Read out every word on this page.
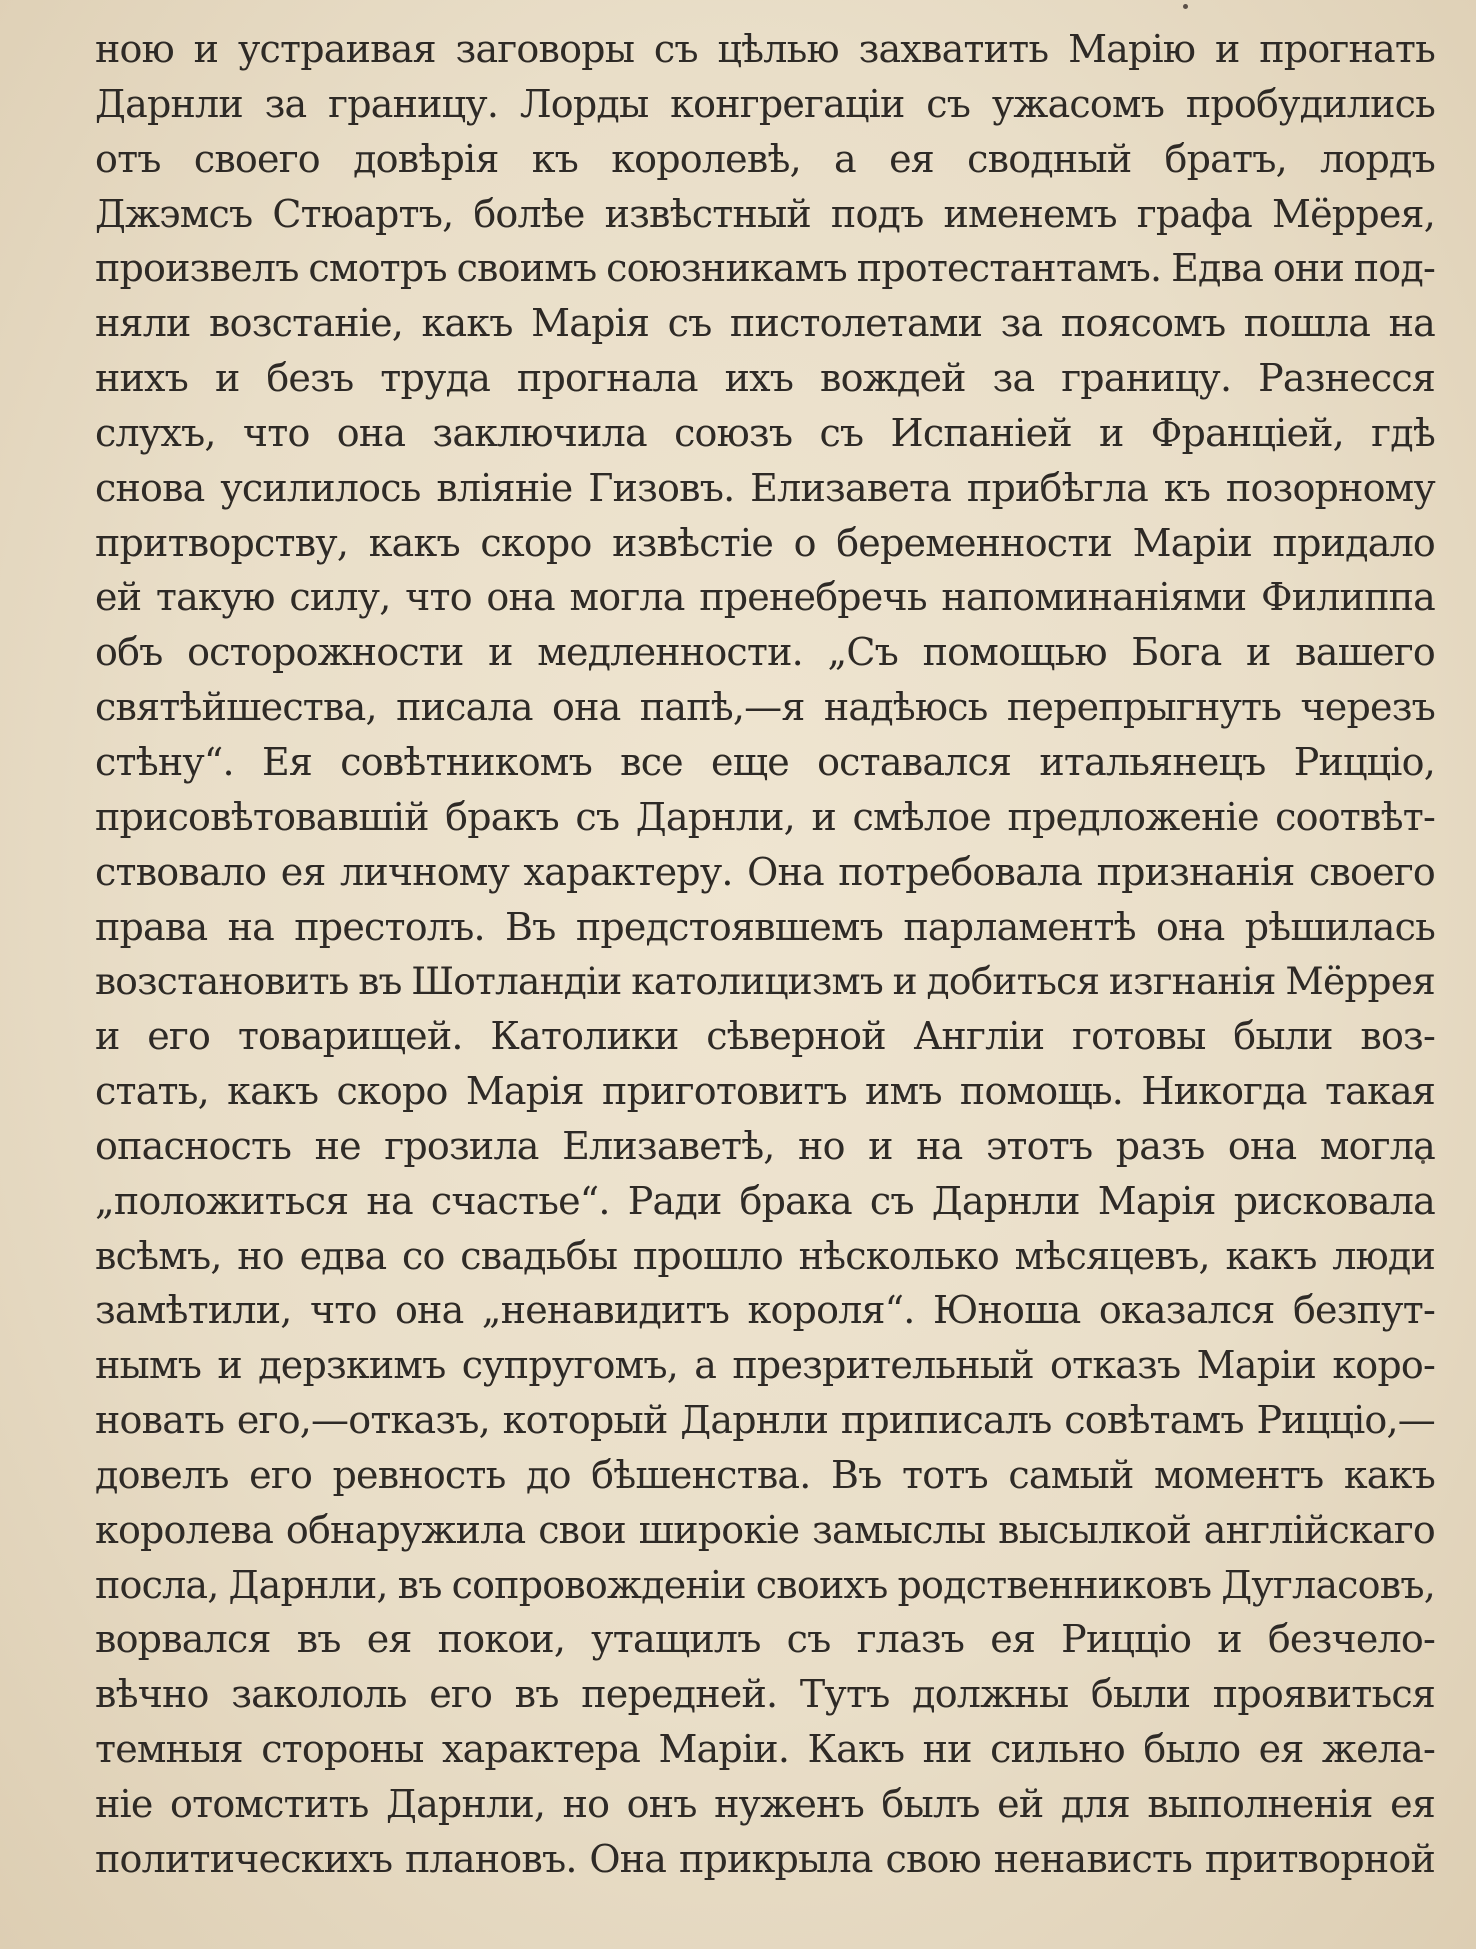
ною и устраивая заговоры съ цѣлью захватить Марію и прогнать
Дарнли за границу. Лорды конгрегаціи съ ужасомъ пробудились
отъ своего довѣрія къ королевѣ, а ея сводный братъ, лордъ
Джэмсъ Стюартъ, болѣе извѣстный подъ именемъ графа Мёррея,
произвелъ смотръ своимъ союзникамъ протестантамъ. Едва они под-
няли возстаніе, какъ Марія съ пистолетами за поясомъ пошла на
нихъ и безъ труда прогнала ихъ вождей за границу. Разнесся
слухъ, что она заключила союзъ съ Испаніей и Франціей, гдѣ
снова усилилось вліяніе Гизовъ. Елизавета прибѣгла къ позорному
притворству, какъ скоро извѣстіе о беременности Маріи придало
ей такую силу, что она могла пренебречь напоминаніями Филиппа
объ осторожности и медленности. „Съ помощью Бога и вашего
святѣйшества, писала она папѣ,—я надѣюсь перепрыгнуть черезъ
стѣну“. Ея совѣтникомъ все еще оставался итальянецъ Рицціо,
присовѣтовавшій бракъ съ Дарнли, и смѣлое предложеніе соотвѣт-
ствовало ея личному характеру. Она потребовала признанія своего
права на престолъ. Въ предстоявшемъ парламентѣ она рѣшилась
возстановить въ Шотландіи католицизмъ и добиться изгнанія Мёррея
и его товарищей. Католики сѣверной Англіи готовы были воз-
стать, какъ скоро Марія приготовитъ имъ помощь. Никогда такая
опасность не грозила Елизаветѣ, но и на этотъ разъ она могла
„положиться на счастье“. Ради брака съ Дарнли Марія рисковала
всѣмъ, но едва со свадьбы прошло нѣсколько мѣсяцевъ, какъ люди
замѣтили, что она „ненавидитъ короля“. Юноша оказался безпут-
нымъ и дерзкимъ супругомъ, а презрительный отказъ Маріи коро-
новать его,—отказъ, который Дарнли приписалъ совѣтамъ Рицціо,—
довелъ его ревность до бѣшенства. Въ тотъ самый моментъ какъ
королева обнаружила свои широкіе замыслы высылкой англійскаго
посла, Дарнли, въ сопровожденіи своихъ родственниковъ Дугласовъ,
ворвался въ ея покои, утащилъ съ глазъ ея Рицціо и безчело-
вѣчно закололь его въ передней. Тутъ должны были проявиться
темныя стороны характера Маріи. Какъ ни сильно было ея жела-
ніе отомстить Дарнли, но онъ нуженъ былъ ей для выполненія ея
политическихъ плановъ. Она прикрыла свою ненависть притворной
